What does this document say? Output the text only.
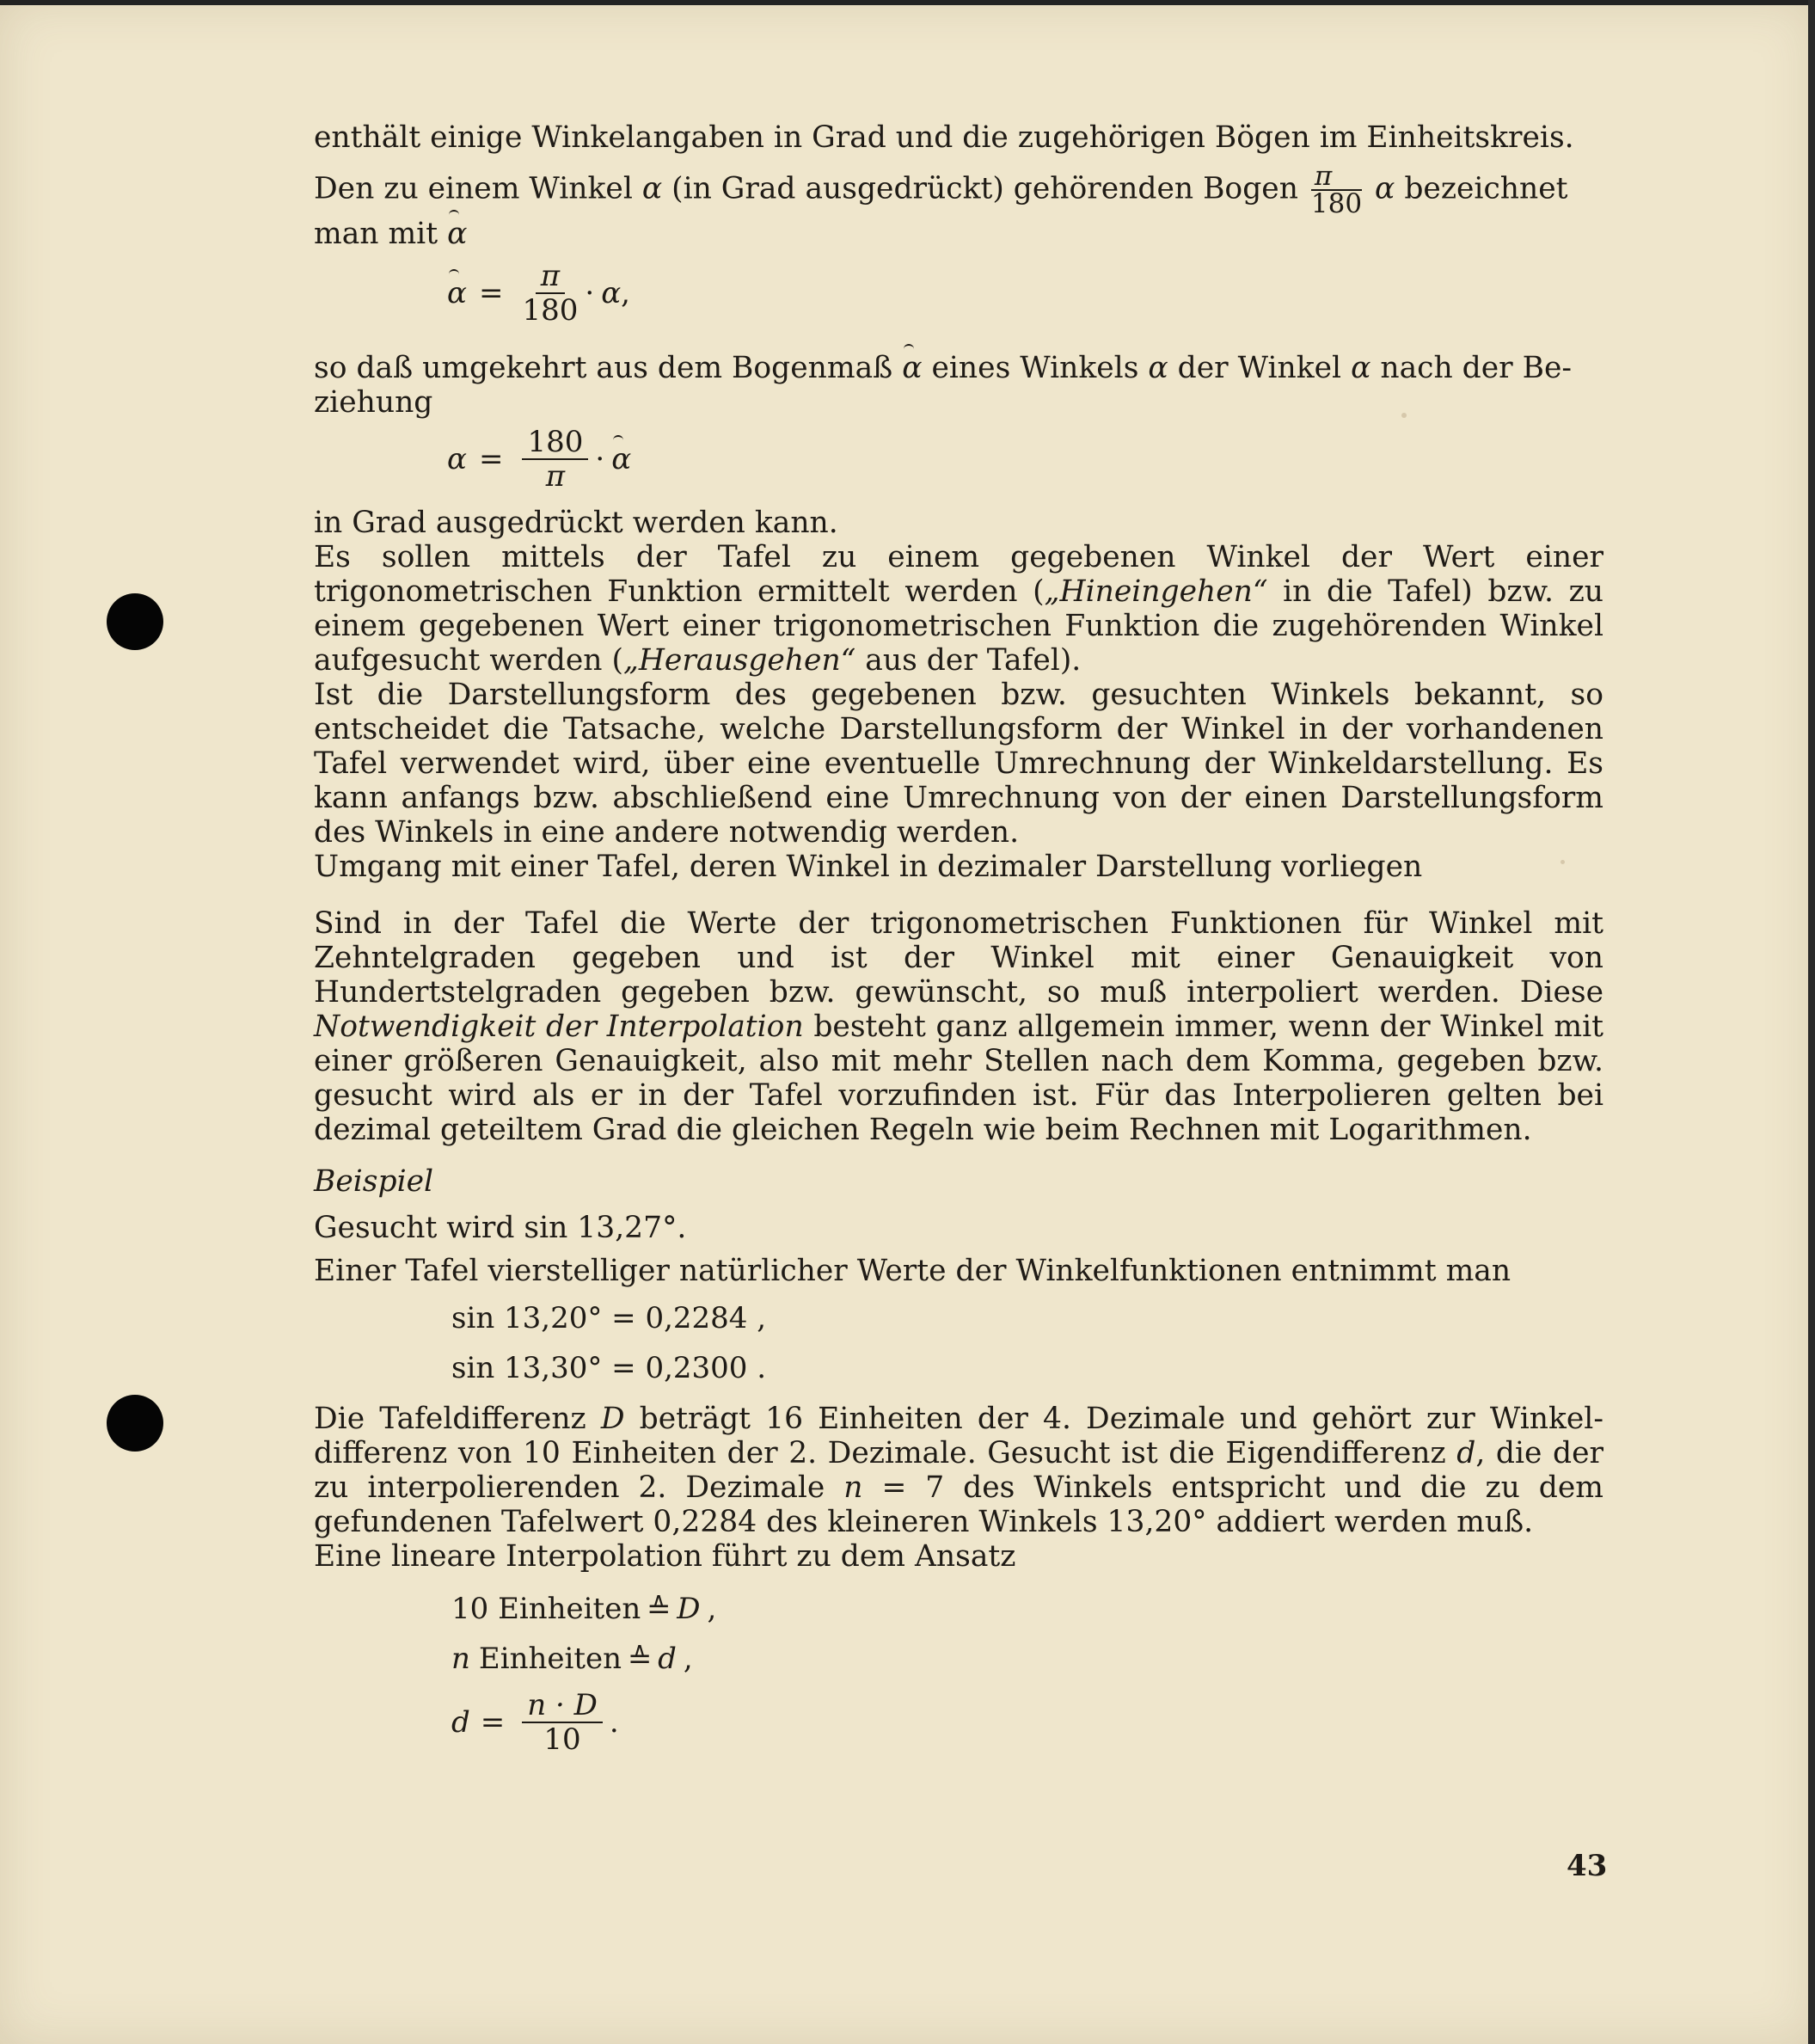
enthält einige Winkelangaben in Grad und die zugehörigen Bögen im Einheitskreis.

Den zu einem Winkel α (in Grad ausgedrückt) gehörenden Bogen $\frac{\pi}{180}$ α bezeichnet
man mit α

$\alpha = \frac{\pi}{180} \cdot \alpha$ ,

so daß umgekehrt aus dem Bogenmaß α eines Winkels α der Winkel α nach der Be-
ziehung

$\alpha = \frac{180}{\pi} \cdot \alpha$

in Grad ausgedrückt werden kann.

Es sollen mittels der Tafel zu einem gegebenen Winkel der Wert einer trigonometrischen Funktion ermittelt werden („Hineingehen“ in die Tafel) bzw. zu einem gegebenen Wert einer trigonometrischen Funktion die zugehörenden Winkel aufgesucht werden („Herausgehen“ aus der Tafel).

Ist die Darstellungsform des gegebenen bzw. gesuchten Winkels bekannt, so entscheidet die Tatsache, welche Darstellungsform der Winkel in der vorhandenen Tafel verwendet wird, über eine eventuelle Umrechnung der Winkeldarstellung. Es kann anfangs bzw. abschließend eine Umrechnung von der einen Darstellungsform des Winkels in eine andere notwendig werden.

Umgang mit einer Tafel, deren Winkel in dezimaler Darstellung vorliegen

Sind in der Tafel die Werte der trigonometrischen Funktionen für Winkel mit Zehntelgraden gegeben und ist der Winkel mit einer Genauigkeit von Hundertstelgraden gegeben bzw. gewünscht, so muß interpoliert werden. Diese Notwendigkeit der Interpolation besteht ganz allgemein immer, wenn der Winkel mit einer größeren Genauigkeit, also mit mehr Stellen nach dem Komma, gegeben bzw. gesucht wird als er in der Tafel vorzufinden ist. Für das Interpolieren gelten bei dezimal geteiltem Grad die gleichen Regeln wie beim Rechnen mit Logarithmen.

Beispiel

Gesucht wird sin 13,27°.

Einer Tafel vierstelliger natürlicher Werte der Winkelfunktionen entnimmt man

sin 13,20° = 0,2284 ,
sin 13,30° = 0,2300 .

Die Tafeldifferenz D beträgt 16 Einheiten der 4. Dezimale und gehört zur Winkeldifferenz von 10 Einheiten der 2. Dezimale. Gesucht ist die Eigendifferenz d, die der zu interpolierenden 2. Dezimale n = 7 des Winkels entspricht und die zu dem gefundenen Tafelwert 0,2284 des kleineren Winkels 13,20° addiert werden muß.

Eine lineare Interpolation führt zu dem Ansatz

10 Einheiten ∧ = D ,
n Einheiten ∧ = d ,
$d = \frac{n \cdot D}{10}$ .
43
